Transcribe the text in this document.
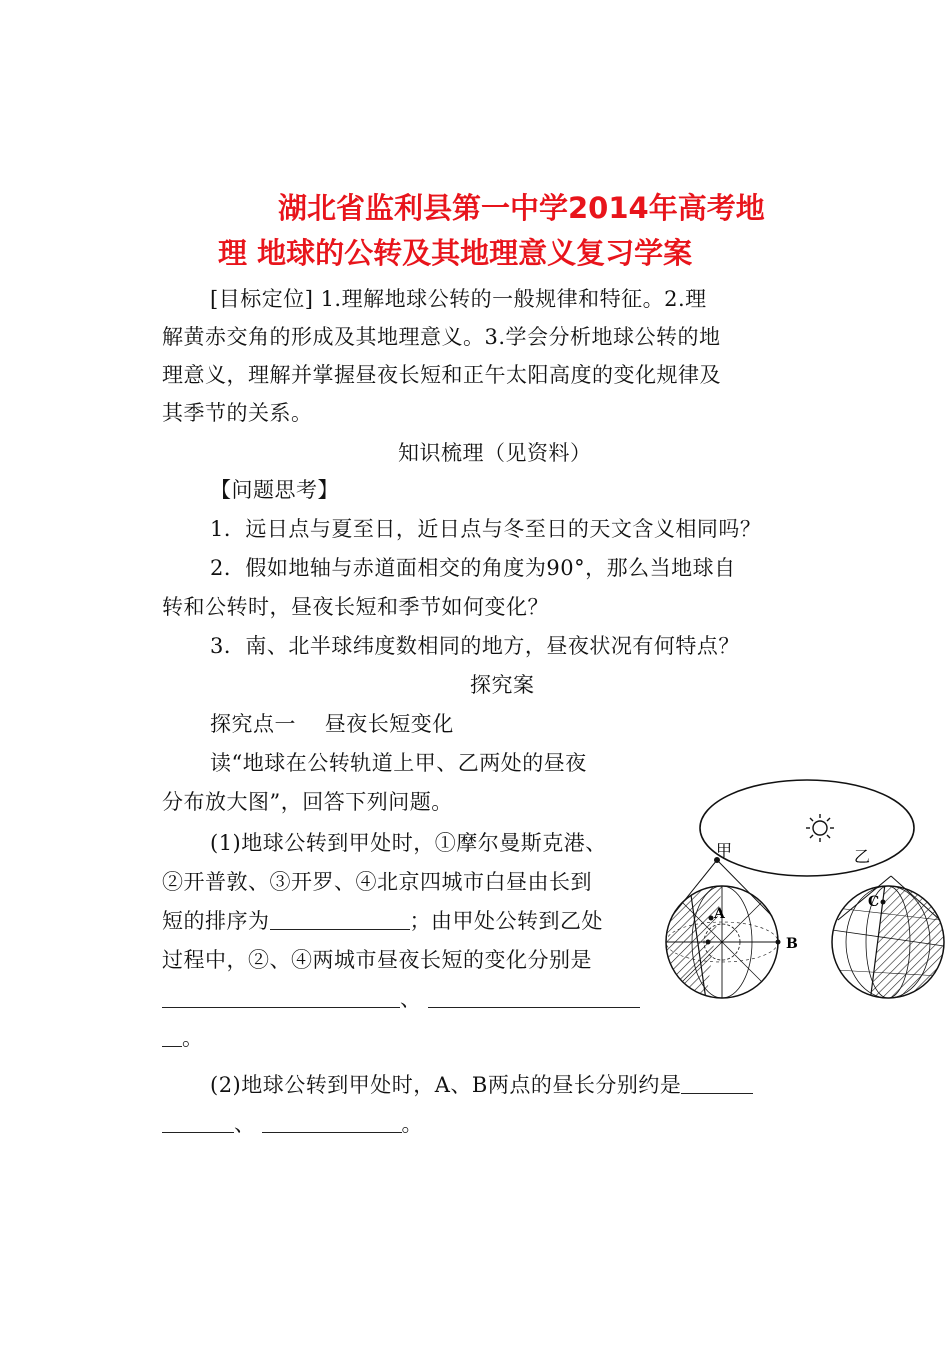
湖北省监利县第一中学2014年高考地
理 地球的公转及其地理意义复习学案
[目标定位] 1.理解地球公转的一般规律和特征。2.理
解黄赤交角的形成及其地理意义。3.学会分析地球公转的地
理意义，理解并掌握昼夜长短和正午太阳高度的变化规律及
其季节的关系。
知识梳理（见资料）
【问题思考】
1．远日点与夏至日，近日点与冬至日的天文含义相同吗？
2．假如地轴与赤道面相交的角度为90°，那么当地球自
转和公转时，昼夜长短和季节如何变化？
3．南、北半球纬度数相同的地方，昼夜状况有何特点？
探究案
探究点一    昼夜长短变化
读“地球在公转轨道上甲、乙两处的昼夜
分布放大图”，回答下列问题。
(1)地球公转到甲处时，①摩尔曼斯克港、
②开普敦、③开罗、④北京四城市白昼由长到
短的排序为	；由甲处公转到乙处
过程中，②、④两城市昼夜长短的变化分别是
、
。
(2)地球公转到甲处时，A、B两点的昼长分别约是
、	。
甲	乙
A
B
C
